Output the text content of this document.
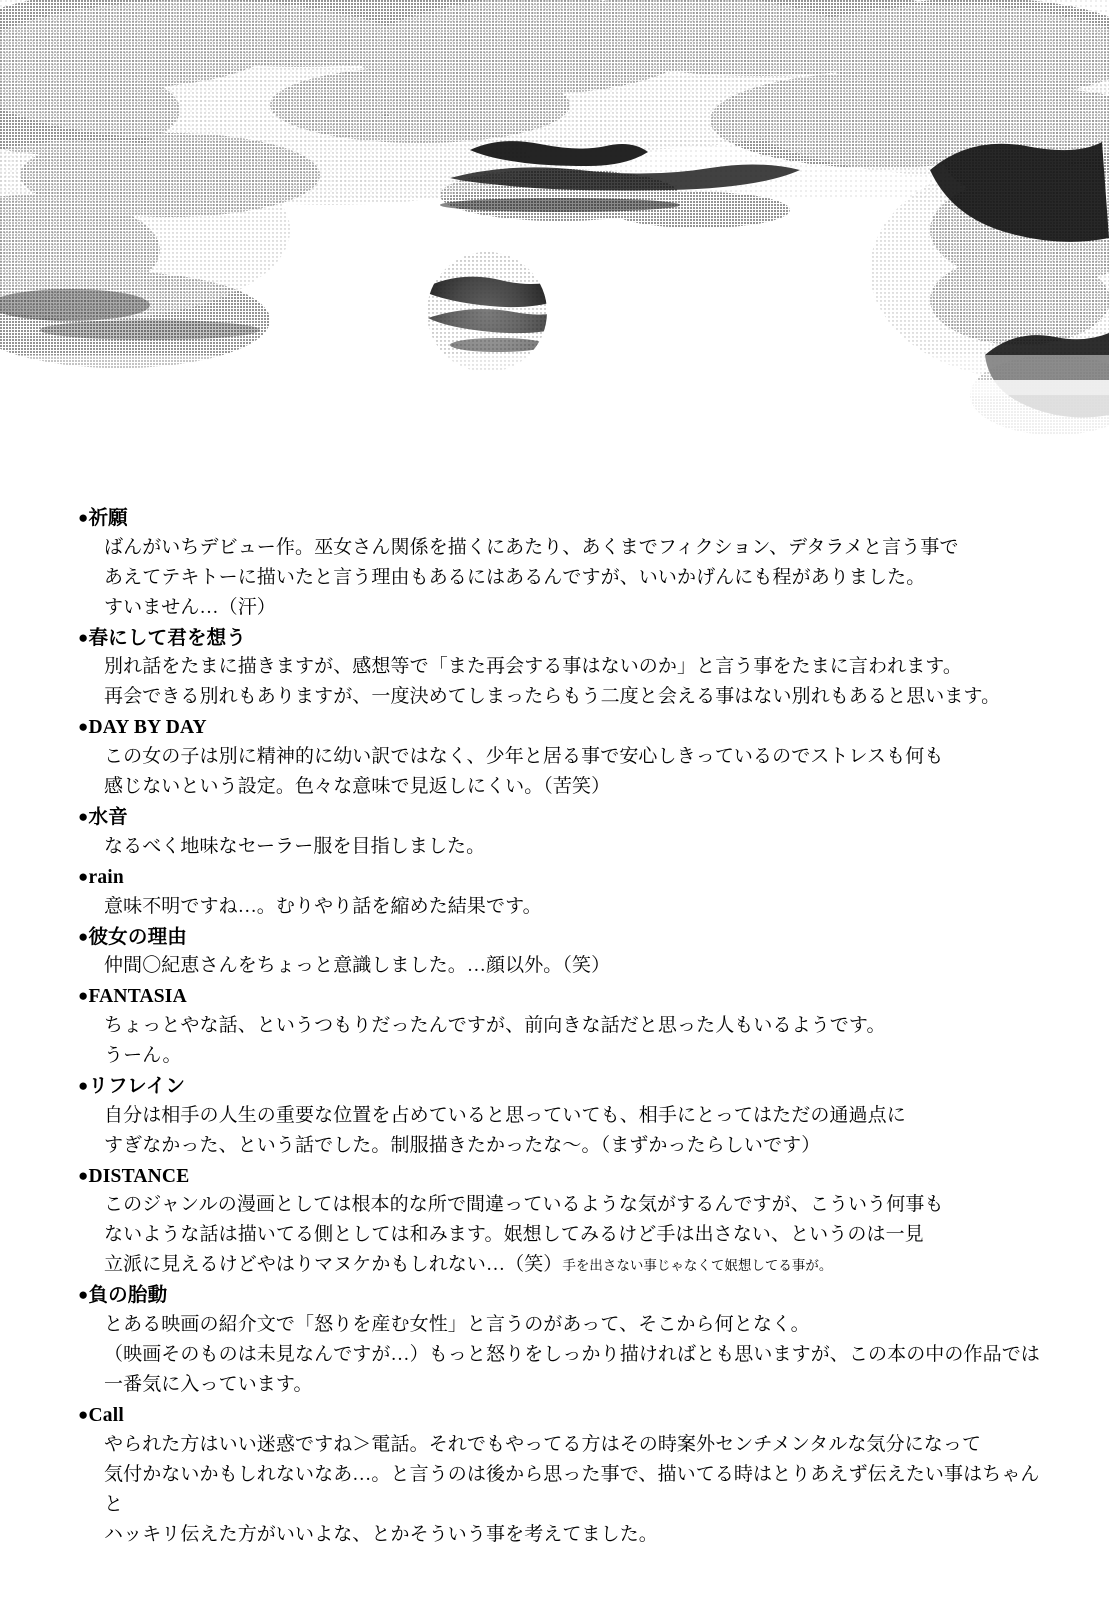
●祈願
ばんがいちデビュー作。巫女さん関係を描くにあたり、あくまでフィクション、デタラメと言う事で
あえてテキトーに描いたと言う理由もあるにはあるんですが、いいかげんにも程がありました。
すいません…（汗）
●春にして君を想う
別れ話をたまに描きますが、感想等で「また再会する事はないのか」と言う事をたまに言われます。
再会できる別れもありますが、一度決めてしまったらもう二度と会える事はない別れもあると思います。
●DAY BY DAY
この女の子は別に精神的に幼い訳ではなく、少年と居る事で安心しきっているのでストレスも何も
感じないという設定。色々な意味で見返しにくい。（苦笑）
●水音
なるべく地味なセーラー服を目指しました。
●rain
意味不明ですね…。むりやり話を縮めた結果です。
●彼女の理由
仲間〇紀恵さんをちょっと意識しました。…顔以外。（笑）
●FANTASIA
ちょっとやな話、というつもりだったんですが、前向きな話だと思った人もいるようです。
うーん。
●リフレイン
自分は相手の人生の重要な位置を占めていると思っていても、相手にとってはただの通過点に
すぎなかった、という話でした。制服描きたかったな〜。（まずかったらしいです）
●DISTANCE
このジャンルの漫画としては根本的な所で間違っているような気がするんですが、こういう何事も
ないような話は描いてる側としては和みます。姄想してみるけど手は出さない、というのは一見
立派に見えるけどやはりマヌケかもしれない…（笑）手を出さない事じゃなくて姄想してる事が。
●負の胎動
とある映画の紹介文で「怒りを産む女性」と言うのがあって、そこから何となく。
（映画そのものは未見なんですが…）もっと怒りをしっかり描ければとも思いますが、この本の中の作品では
一番気に入っています。
●Call
やられた方はいい迷惑ですね＞電話。それでもやってる方はその時案外センチメンタルな気分になって
気付かないかもしれないなあ…。と言うのは後から思った事で、描いてる時はとりあえず伝えたい事はちゃんと
ハッキリ伝えた方がいいよな、とかそういう事を考えてました。
